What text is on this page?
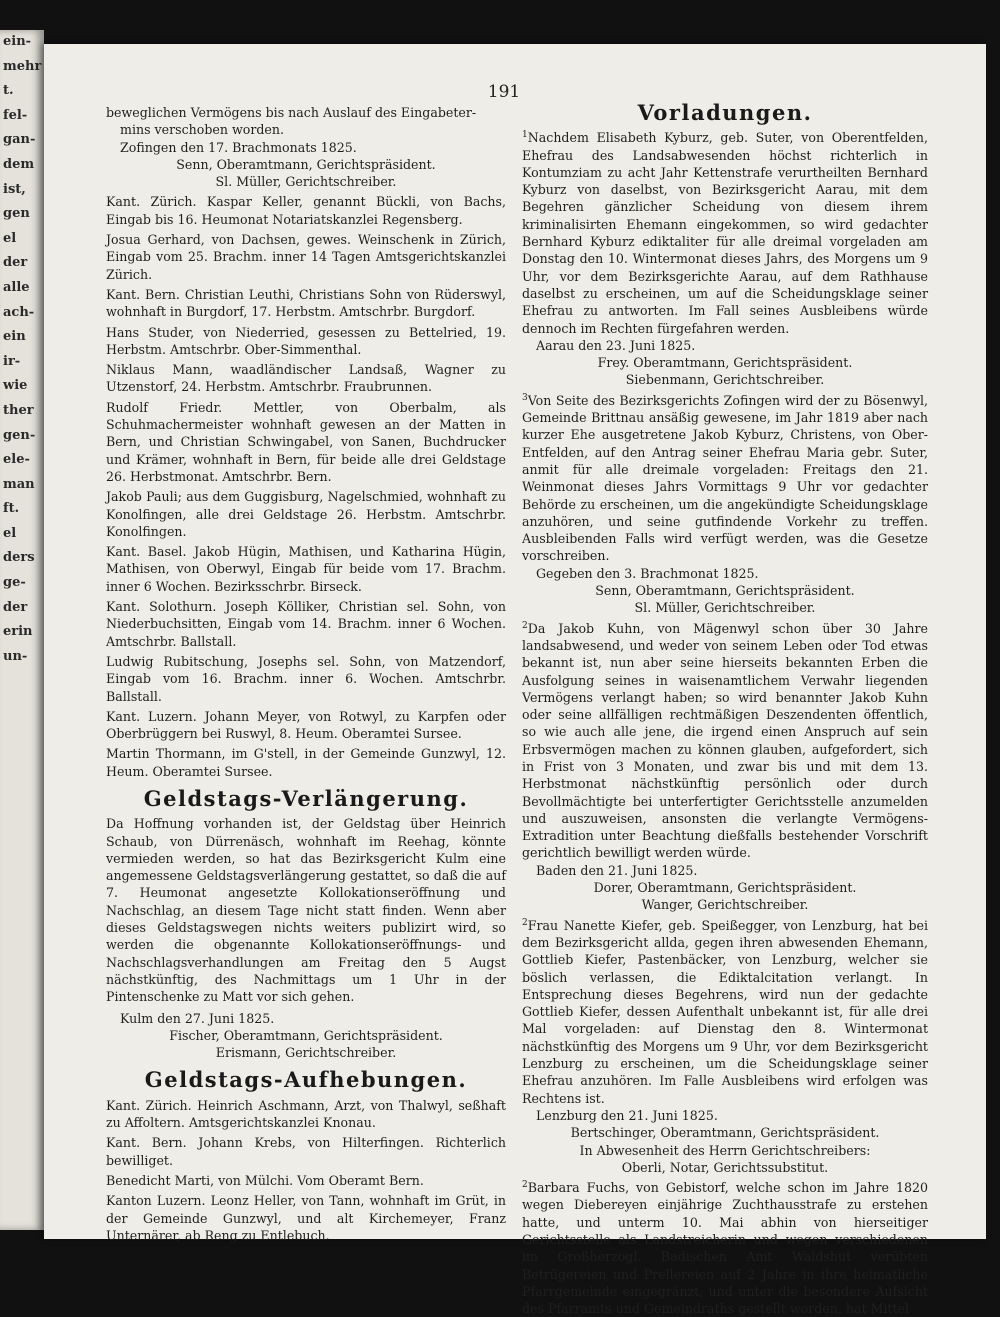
ein-
mehr
t.
fel-
gan-
dem
ist,
gen
el
der
alle
ach-
ein
ir-
wie
ther
gen-
ele-
man
ft.
el
ders
ge-
der
erin
un-

191

beweglichen Vermögens bis nach Auslauf des Eingabeter-

mins verschoben worden.

Zofingen den 17. Brachmonats 1825.

Senn, Oberamtmann, Gerichtspräsident.

Sl. Müller, Gerichtschreiber.

Kant. Zürich. Kaspar Keller, genannt Bückli, von Bachs, Eingab bis 16. Heumonat Notariatskanzlei Regensberg.

Josua Gerhard, von Dachsen, gewes. Weinschenk in Zürich, Eingab vom 25. Brachm. inner 14 Tagen Amtsgerichtskanzlei Zürich.

Kant. Bern. Christian Leuthi, Christians Sohn von Rüderswyl, wohnhaft in Burgdorf, 17. Herbstm. Amtschrbr. Burgdorf.

Hans Studer, von Niederried, gesessen zu Bettelried, 19. Herbstm. Amtschrbr. Ober-Simmenthal.

Niklaus Mann, waadländischer Landsaß, Wagner zu Utzenstorf, 24. Herbstm. Amtschrbr. Fraubrunnen.

Rudolf Friedr. Mettler, von Oberbalm, als Schuhmachermeister wohnhaft gewesen an der Matten in Bern, und Christian Schwingabel, von Sanen, Buchdrucker und Krämer, wohnhaft in Bern, für beide alle drei Geldstage 26. Herbstmonat. Amtschrbr. Bern.

Jakob Pauli; aus dem Guggisburg, Nagelschmied, wohnhaft zu Konolfingen, alle drei Geldstage 26. Herbstm. Amtschrbr. Konolfingen.

Kant. Basel. Jakob Hügin, Mathisen, und Katharina Hügin, Mathisen, von Oberwyl, Eingab für beide vom 17. Brachm. inner 6 Wochen. Bezirksschrbr. Birseck.

Kant. Solothurn. Joseph Kölliker, Christian sel. Sohn, von Niederbuchsitten, Eingab vom 14. Brachm. inner 6 Wochen. Amtschrbr. Ballstall.

Ludwig Rubitschung, Josephs sel. Sohn, von Matzendorf, Eingab vom 16. Brachm. inner 6. Wochen. Amtschrbr. Ballstall.

Kant. Luzern. Johann Meyer, von Rotwyl, zu Karpfen oder Oberbrüggern bei Ruswyl, 8. Heum. Oberamtei Sursee.

Martin Thormann, im G'stell, in der Gemeinde Gunzwyl, 12. Heum. Oberamtei Sursee.

Geldstags-Verlängerung.

Da Hoffnung vorhanden ist, der Geldstag über Heinrich Schaub, von Dürrenäsch, wohnhaft im Reehag, könnte vermieden werden, so hat das Bezirksgericht Kulm eine angemessene Geldstagsverlängerung gestattet, so daß die auf 7. Heumonat angesetzte Kollokationseröffnung und Nachschlag, an diesem Tage nicht statt finden. Wenn aber dieses Geldstagswegen nichts weiters publizirt wird, so werden die obgenannte Kollokationseröffnungs- und Nachschlagsverhandlungen am Freitag den 5 Augst nächstkünftig, des Nachmittags um 1 Uhr in der Pintenschenke zu Matt vor sich gehen.

Kulm den 27. Juni 1825.

Fischer, Oberamtmann, Gerichtspräsident.

Erismann, Gerichtschreiber.

Geldstags-Aufhebungen.

Kant. Zürich. Heinrich Aschmann, Arzt, von Thalwyl, seßhaft zu Affoltern. Amtsgerichtskanzlei Knonau.

Kant. Bern. Johann Krebs, von Hilterfingen. Richterlich bewilliget.

Benedicht Marti, von Mülchi. Vom Oberamt Bern.

Kanton Luzern. Leonz Heller, von Tann, wohnhaft im Grüt, in der Gemeinde Gunzwyl, und alt Kirchemeyer, Franz Unternärer, ab Reng zu Entlebuch.

Vorladungen.

$^1$Nachdem Elisabeth Kyburz, geb. Suter, von Oberentfelden, Ehefrau des Landsabwesenden höchst richterlich in Kontumziam zu acht Jahr Kettenstrafe verurtheilten Bernhard Kyburz von daselbst, von Bezirksgericht Aarau, mit dem Begehren gänzlicher Scheidung von diesem ihrem kriminalisirten Ehemann eingekommen, so wird gedachter Bernhard Kyburz ediktaliter für alle dreimal vorgeladen am Donstag den 10. Wintermonat dieses Jahrs, des Morgens um 9 Uhr, vor dem Bezirksgerichte Aarau, auf dem Rathhause daselbst zu erscheinen, um auf die Scheidungsklage seiner Ehefrau zu antworten. Im Fall seines Ausbleibens würde dennoch im Rechten fürgefahren werden.

Aarau den 23. Juni 1825.

Frey. Oberamtmann, Gerichtspräsident.

Siebenmann, Gerichtschreiber.

$^3$Von Seite des Bezirksgerichts Zofingen wird der zu Bösenwyl, Gemeinde Brittnau ansäßig gewesene, im Jahr 1819 aber nach kurzer Ehe ausgetretene Jakob Kyburz, Christens, von Ober-Entfelden, auf den Antrag seiner Ehefrau Maria gebr. Suter, anmit für alle dreimale vorgeladen: Freitags den 21. Weinmonat dieses Jahrs Vormittags 9 Uhr vor gedachter Behörde zu erscheinen, um die angekündigte Scheidungsklage anzuhören, und seine gutfindende Vorkehr zu treffen. Ausbleibenden Falls wird verfügt werden, was die Gesetze vorschreiben.

Gegeben den 3. Brachmonat 1825.

Senn, Oberamtmann, Gerichtspräsident.

Sl. Müller, Gerichtschreiber.

$^2$Da Jakob Kuhn, von Mägenwyl schon über 30 Jahre landsabwesend, und weder von seinem Leben oder Tod etwas bekannt ist, nun aber seine hierseits bekannten Erben die Ausfolgung seines in waisenamtlichem Verwahr liegenden Vermögens verlangt haben; so wird benannter Jakob Kuhn oder seine allfälligen rechtmäßigen Deszendenten öffentlich, so wie auch alle jene, die irgend einen Anspruch auf sein Erbsvermögen machen zu können glauben, aufgefordert, sich in Frist von 3 Monaten, und zwar bis und mit dem 13. Herbstmonat nächstkünftig persönlich oder durch Bevollmächtigte bei unterfertigter Gerichtsstelle anzumelden und auszuweisen, ansonsten die verlangte Vermögens-Extradition unter Beachtung dießfalls bestehender Vorschrift gerichtlich bewilligt werden würde.

Baden den 21. Juni 1825.

Dorer, Oberamtmann, Gerichtspräsident.

Wanger, Gerichtschreiber.

$^2$Frau Nanette Kiefer, geb. Speißegger, von Lenzburg, hat bei dem Bezirksgericht allda, gegen ihren abwesenden Ehemann, Gottlieb Kiefer, Pastenbäcker, von Lenzburg, welcher sie böslich verlassen, die Ediktalcitation verlangt. In Entsprechung dieses Begehrens, wird nun der gedachte Gottlieb Kiefer, dessen Aufenthalt unbekannt ist, für alle drei Mal vorgeladen: auf Dienstag den 8. Wintermonat nächstkünftig des Morgens um 9 Uhr, vor dem Bezirksgericht Lenzburg zu erscheinen, um die Scheidungsklage seiner Ehefrau anzuhören. Im Falle Ausbleibens wird erfolgen was Rechtens ist.

Lenzburg den 21. Juni 1825.

Bertschinger, Oberamtmann, Gerichtspräsident.

In Abwesenheit des Herrn Gerichtschreibers:

Oberli, Notar, Gerichtssubstitut.

$^2$Barbara Fuchs, von Gebistorf, welche schon im Jahre 1820 wegen Diebereyen einjährige Zuchthausstrafe zu erstehen hatte, und unterm 10. Mai abhin von hierseitiger Gerichtsstelle als Landstreicherin und wegen verschiedenen im Großherzogl. Badischen Amt Waldshut verübten Betrügereien und Prellereien auf 2 Jahre in ihre heimatliche Pfarrgemeinde eingegränzt, und unter die besondere Aufsicht des Pfarramts und Gemeindraths gestellt worden, hat Mittel
